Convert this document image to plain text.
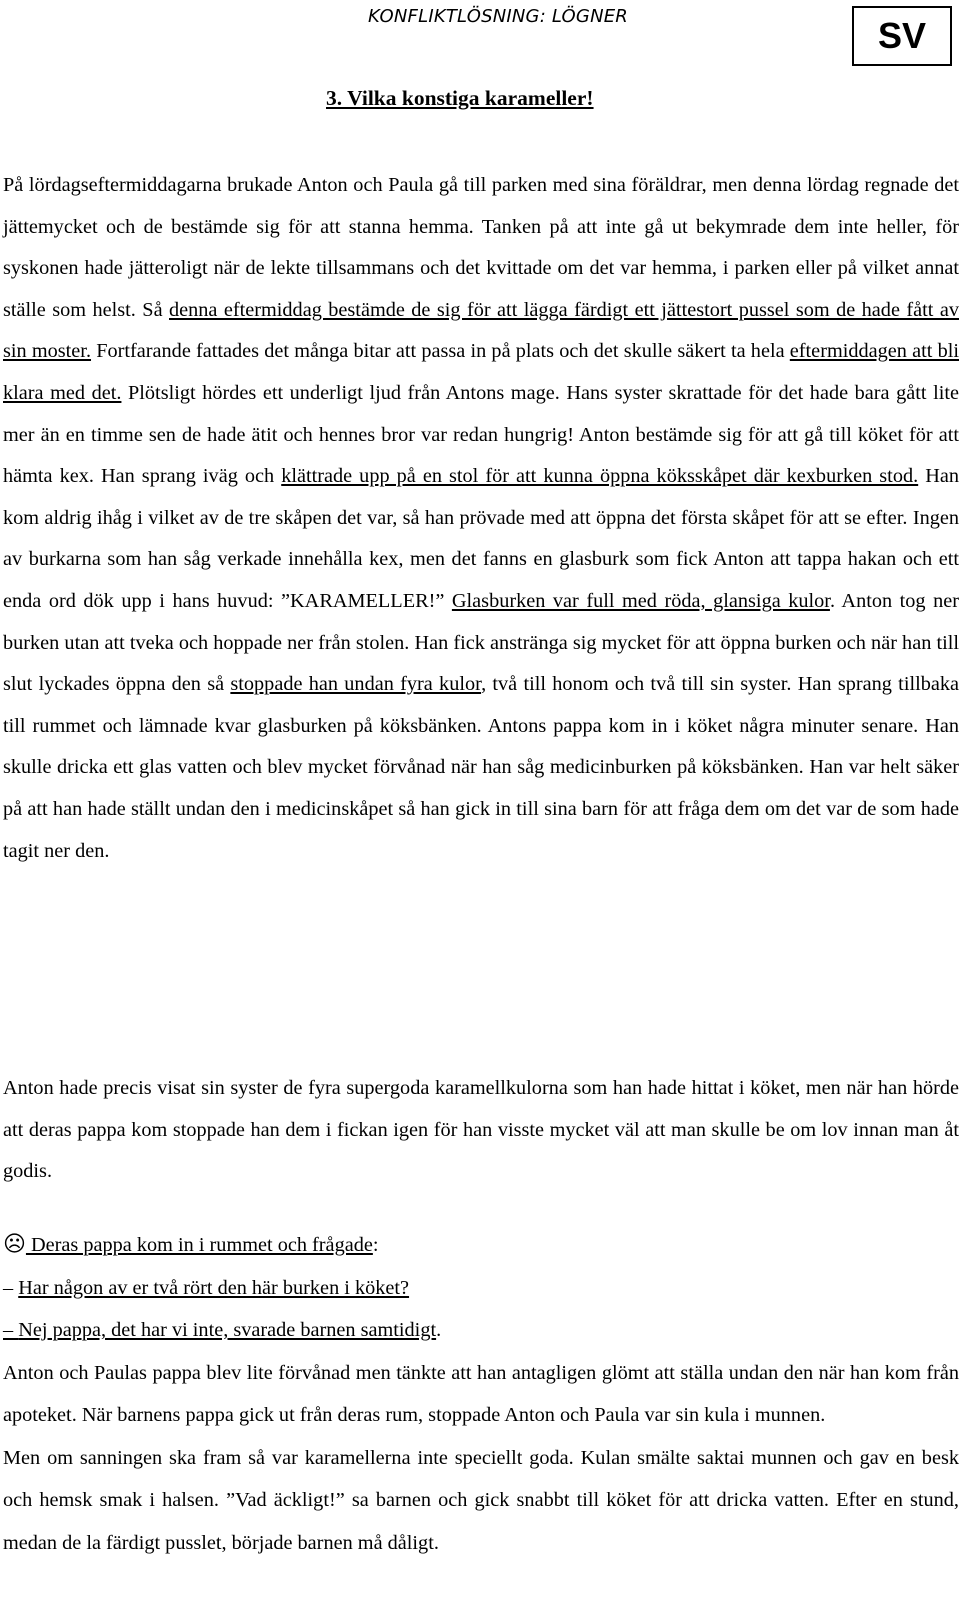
KONFLIKTLÖSNING: LÖGNER	SV
3. Vilka konstiga karameller!

På lördagseftermiddagarna brukade Anton och Paula gå till parken med sina föräldrar, men denna lördag regnade det jättemycket och de bestämde sig för att stanna hemma. Tanken på att inte gå ut bekymrade dem inte heller, för syskonen hade jätteroligt när de lekte tillsammans och det kvittade om det var hemma, i parken eller på vilket annat ställe som helst. Så denna eftermiddag bestämde de sig för att lägga färdigt ett jättestort pussel som de hade fått av sin moster. Fortfarande fattades det många bitar att passa in på plats och det skulle säkert ta hela eftermiddagen att bli klara med det. Plötsligt hördes ett underligt ljud från Antons mage. Hans syster skrattade för det hade bara gått lite mer än en timme sen de hade ätit och hennes bror var redan hungrig! Anton bestämde sig för att gå till köket för att hämta kex. Han sprang iväg och klättrade upp på en stol för att kunna öppna köksskåpet där kexburken stod. Han kom aldrig ihåg i vilket av de tre skåpen det var, så han prövade med att öppna det första skåpet för att se efter. Ingen av burkarna som han såg verkade innehålla kex, men det fanns en glasburk som fick Anton att tappa hakan och ett enda ord dök upp i hans huvud: ”KARAMELLER!” Glasburken var full med röda, glansiga kulor. Anton tog ner burken utan att tveka och hoppade ner från stolen. Han fick anstränga sig mycket för att öppna burken och när han till slut lyckades öppna den så stoppade han undan fyra kulor, två till honom och två till sin syster. Han sprang tillbaka till rummet och lämnade kvar glasburken på köksbänken. Antons pappa kom in i köket några minuter senare. Han skulle dricka ett glas vatten och blev mycket förvånad när han såg medicinburken på köksbänken. Han var helt säker på att han hade ställt undan den i medicinskåpet så han gick in till sina barn för att fråga dem om det var de som hade tagit ner den.

Anton hade precis visat sin syster de fyra supergoda karamellkulorna som han hade hittat i köket, men när han hörde att deras pappa kom stoppade han dem i fickan igen för han visste mycket väl att man skulle be om lov innan man åt godis.

☹ Deras pappa kom in i rummet och frågade:

– Har någon av er två rört den här burken i köket?

– Nej pappa, det har vi inte, svarade barnen samtidigt.

Anton och Paulas pappa blev lite förvånad men tänkte att han antagligen glömt att ställa undan den när han kom från apoteket. När barnens pappa gick ut från deras rum, stoppade Anton och Paula var sin kula i munnen.

Men om sanningen ska fram så var karamellerna inte speciellt goda. Kulan smälte saktai munnen och gav en besk och hemsk smak i halsen. ”Vad äckligt!” sa barnen och gick snabbt till köket för att dricka vatten. Efter en stund, medan de la färdigt pusslet, började barnen må dåligt.
